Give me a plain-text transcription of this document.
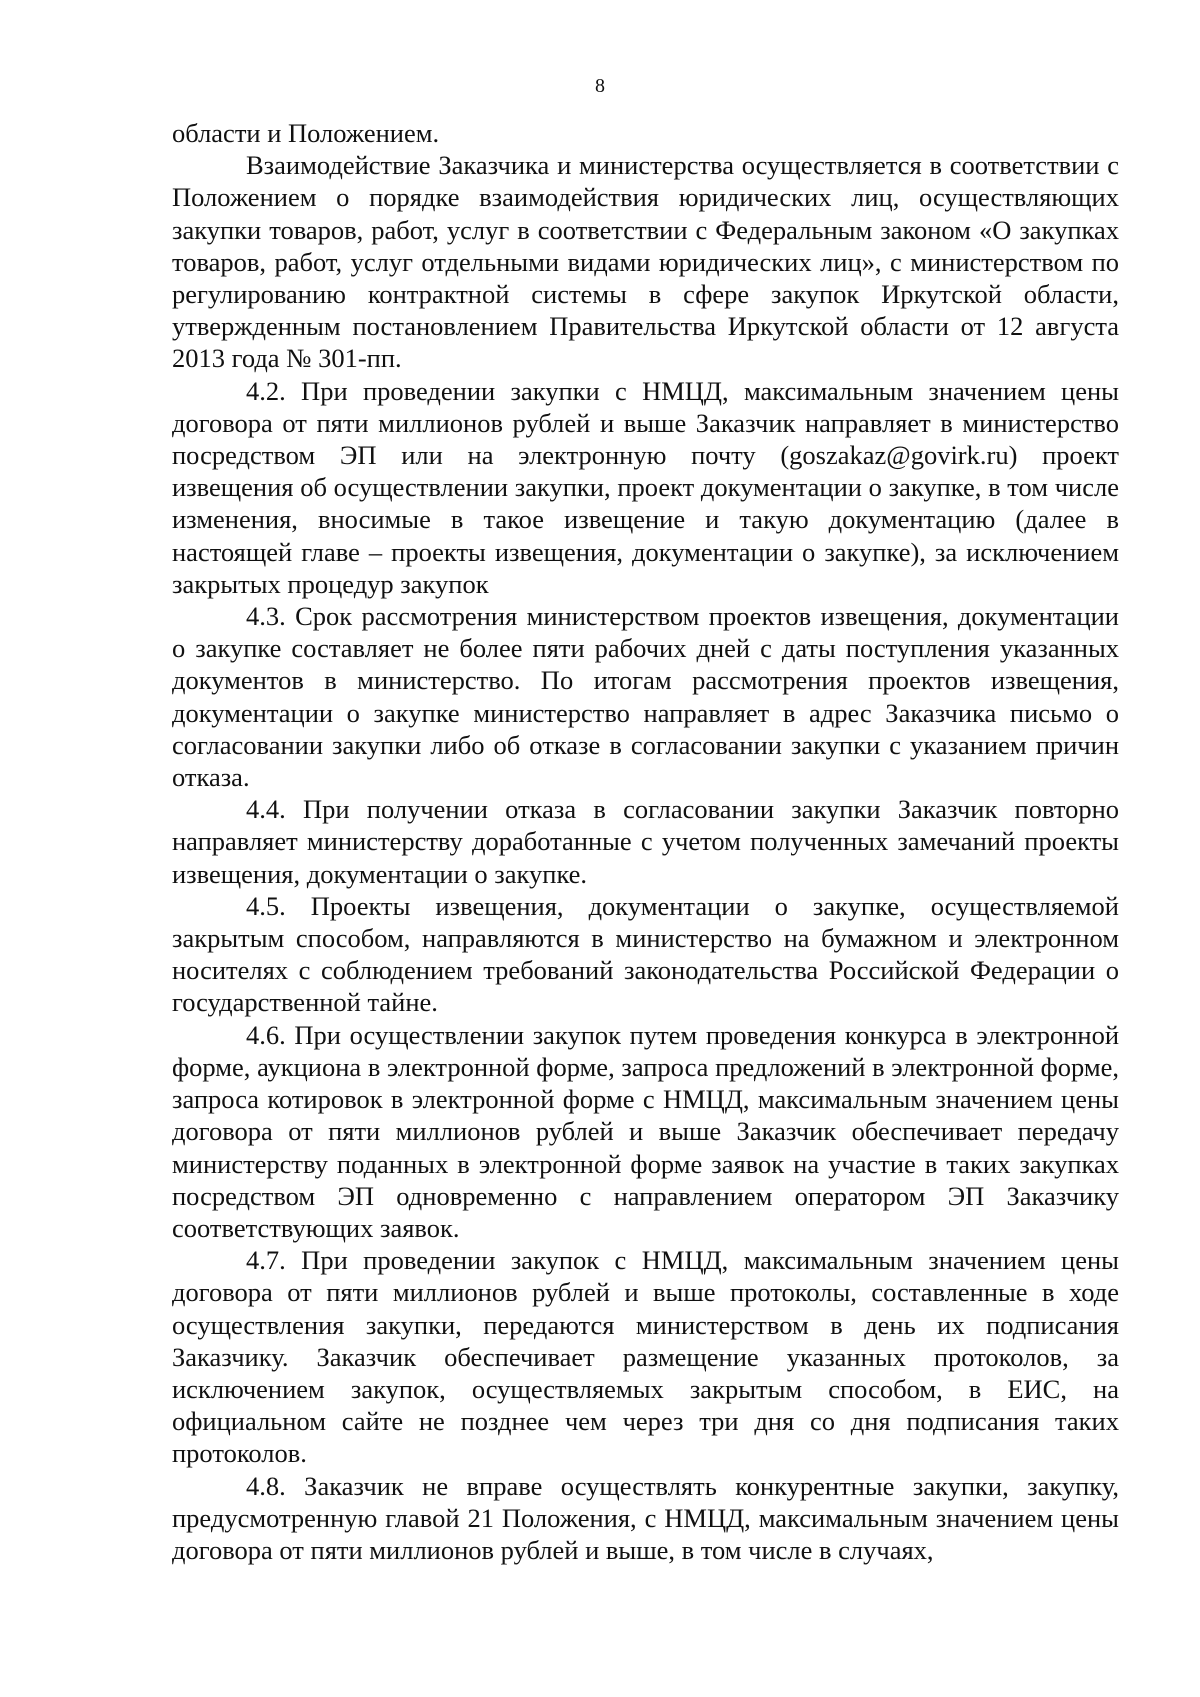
8

области и Положением.

Взаимодействие Заказчика и министерства осуществляется в соответствии с Положением о порядке взаимодействия юридических лиц, осуществляющих закупки товаров, работ, услуг в соответствии с Федеральным законом «О закупках товаров, работ, услуг отдельными видами юридических лиц», с министерством по регулированию контрактной системы в сфере закупок Иркутской области, утвержденным постановлением Правительства Иркутской области от 12 августа 2013 года № 301-пп.

4.2. При проведении закупки с НМЦД, максимальным значением цены договора от пяти миллионов рублей и выше Заказчик направляет в министерство посредством ЭП или на электронную почту (goszakaz@govirk.ru) проект извещения об осуществлении закупки, проект документации о закупке, в том числе изменения, вносимые в такое извещение и такую документацию (далее в настоящей главе – проекты извещения, документации о закупке), за исключением закрытых процедур закупок

4.3. Срок рассмотрения министерством проектов извещения, документации о закупке составляет не более пяти рабочих дней с даты поступления указанных документов в министерство. По итогам рассмотрения проектов извещения, документации о закупке министерство направляет в адрес Заказчика письмо о согласовании закупки либо об отказе в согласовании закупки с указанием причин отказа.

4.4. При получении отказа в согласовании закупки Заказчик повторно направляет министерству доработанные с учетом полученных замечаний проекты извещения, документации о закупке.

4.5. Проекты извещения, документации о закупке, осуществляемой закрытым способом, направляются в министерство на бумажном и электронном носителях с соблюдением требований законодательства Российской Федерации о государственной тайне.

4.6. При осуществлении закупок путем проведения конкурса в электронной форме, аукциона в электронной форме, запроса предложений в электронной форме, запроса котировок в электронной форме с НМЦД, максимальным значением цены договора от пяти миллионов рублей и выше Заказчик обеспечивает передачу министерству поданных в электронной форме заявок на участие в таких закупках посредством ЭП одновременно с направлением оператором ЭП Заказчику соответствующих заявок.

4.7. При проведении закупок с НМЦД, максимальным значением цены договора от пяти миллионов рублей и выше протоколы, составленные в ходе осуществления закупки, передаются министерством в день их подписания Заказчику. Заказчик обеспечивает размещение указанных протоколов, за исключением закупок, осуществляемых закрытым способом, в ЕИС, на официальном сайте не позднее чем через три дня со дня подписания таких протоколов.

4.8. Заказчик не вправе осуществлять конкурентные закупки, закупку, предусмотренную главой 21 Положения, с НМЦД, максимальным значением цены договора от пяти миллионов рублей и выше, в том числе в случаях,
